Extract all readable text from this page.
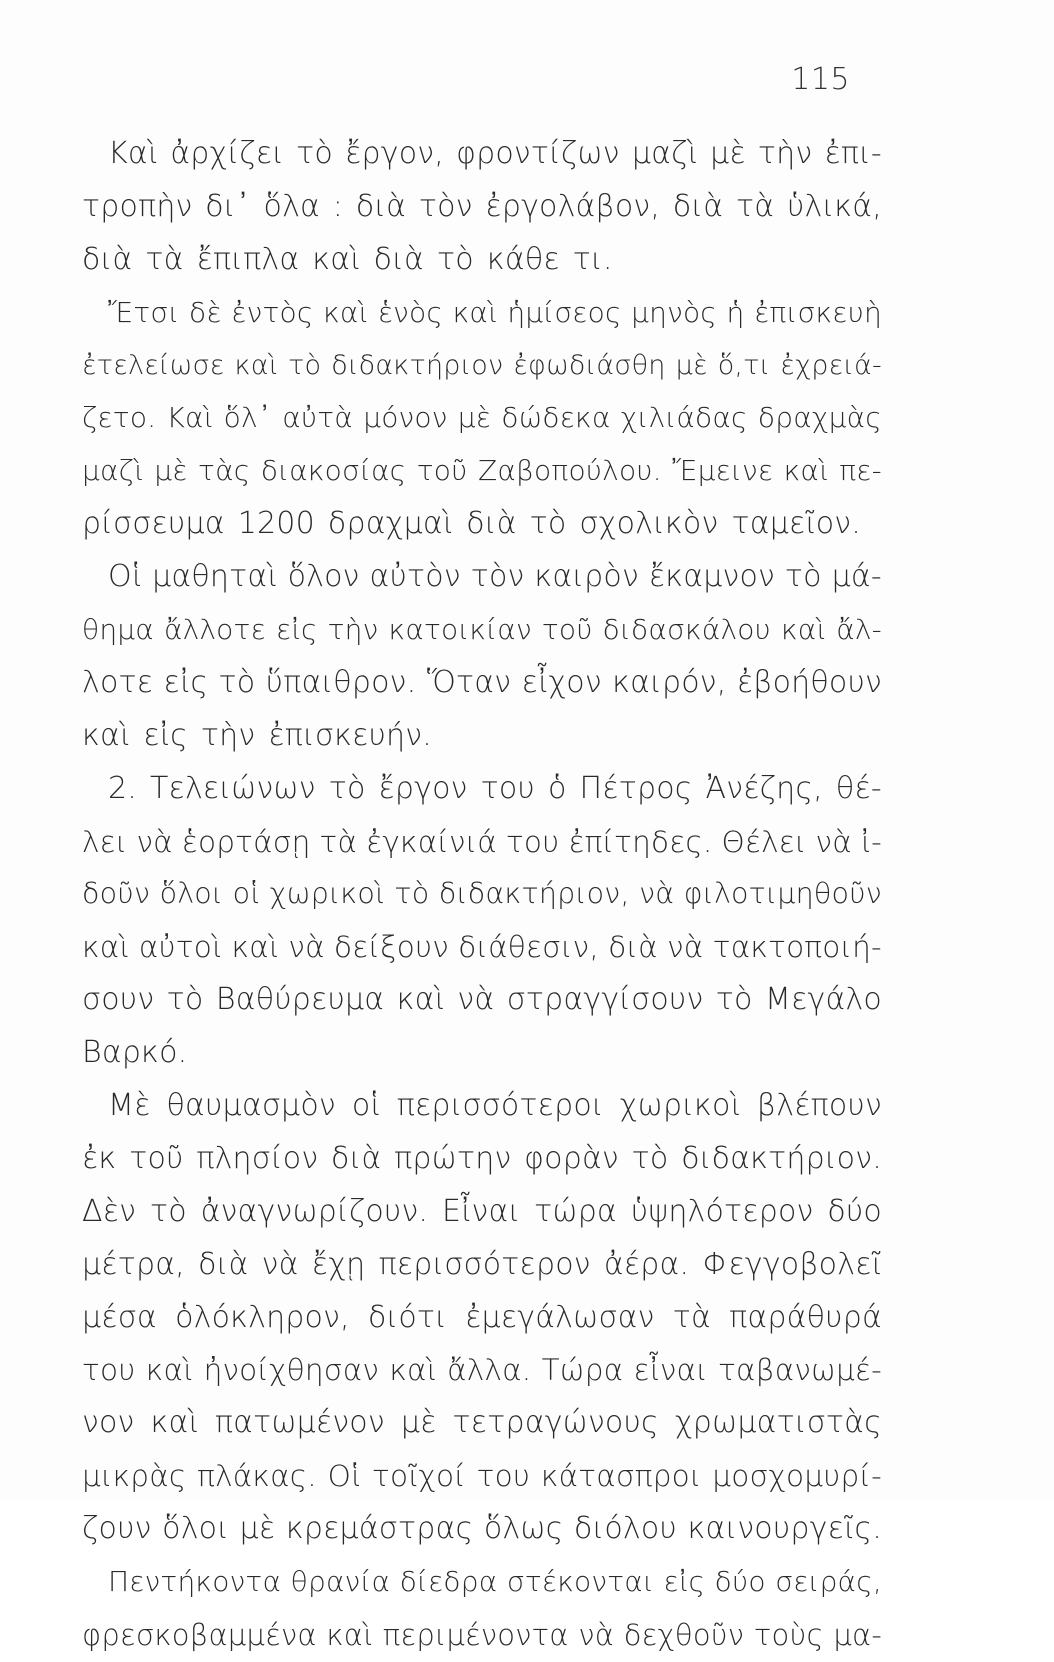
115
Καὶ ἀρχίζει τὸ ἔργον, φροντίζων μαζὶ μὲ τὴν ἐπι-
τροπὴν δι᾽ ὅλα : διὰ τὸν ἐργολάβον, διὰ τὰ ὑλικά,
διὰ τὰ ἔπιπλα καὶ διὰ τὸ κάθε τι.
Ἔτσι δὲ ἐντὸς καὶ ἑνὸς καὶ ἡμίσεος μηνὸς ἡ ἐπισκευὴ
ἐτελείωσε καὶ τὸ διδακτήριον ἐφωδιάσθη μὲ ὅ,τι ἐχρειά-
ζετο. Καὶ ὅλ᾽ αὐτὰ μόνον μὲ δώδεκα χιλιάδας δραχμὰς
μαζὶ μὲ τὰς διακοσίας τοῦ Ζαβοπούλου. Ἔμεινε καὶ πε-
ρίσσευμα 1200 δραχμαὶ διὰ τὸ σχολικὸν ταμεῖον.
Οἱ μαθηταὶ ὅλον αὐτὸν τὸν καιρὸν ἔκαμνον τὸ μά-
θημα ἄλλοτε εἰς τὴν κατοικίαν τοῦ διδασκάλου καὶ ἄλ-
λοτε εἰς τὸ ὕπαιθρον. Ὅταν εἶχον καιρόν, ἐβοήθουν
καὶ εἰς τὴν ἐπισκευήν.
2. Τελειώνων τὸ ἔργον του ὁ Πέτρος Ἀνέζης, θέ-
λει νὰ ἑορτάσῃ τὰ ἐγκαίνιά του ἐπίτηδες. Θέλει νὰ ἰ-
δοῦν ὅλοι οἱ χωρικοὶ τὸ διδακτήριον, νὰ φιλοτιμηθοῦν
καὶ αὐτοὶ καὶ νὰ δείξουν διάθεσιν, διὰ νὰ τακτοποιή-
σουν τὸ Βαθύρευμα καὶ νὰ στραγγίσουν τὸ Μεγάλο
Βαρκό.
Μὲ θαυμασμὸν οἱ περισσότεροι χωρικοὶ βλέπουν
ἐκ τοῦ πλησίον διὰ πρώτην φορὰν τὸ διδακτήριον.
Δὲν τὸ ἀναγνωρίζουν. Εἶναι τώρα ὑψηλότερον δύο
μέτρα, διὰ νὰ ἔχῃ περισσότερον ἀέρα. Φεγγοβολεῖ
μέσα ὁλόκληρον, διότι ἐμεγάλωσαν τὰ παράθυρά
του καὶ ἠνοίχθησαν καὶ ἄλλα. Τώρα εἶναι ταβανωμέ-
νον καὶ πατωμένον μὲ τετραγώνους χρωματιστὰς
μικρὰς πλάκας. Οἱ τοῖχοί του κάτασπροι μοσχομυρί-
ζουν ὅλοι μὲ κρεμάστρας ὅλως διόλου καινουργεῖς.
Πεντήκοντα θρανία δίεδρα στέκονται εἰς δύο σειράς,
φρεσκοβαμμένα καὶ περιμένοντα νὰ δεχθοῦν τοὺς μα-
